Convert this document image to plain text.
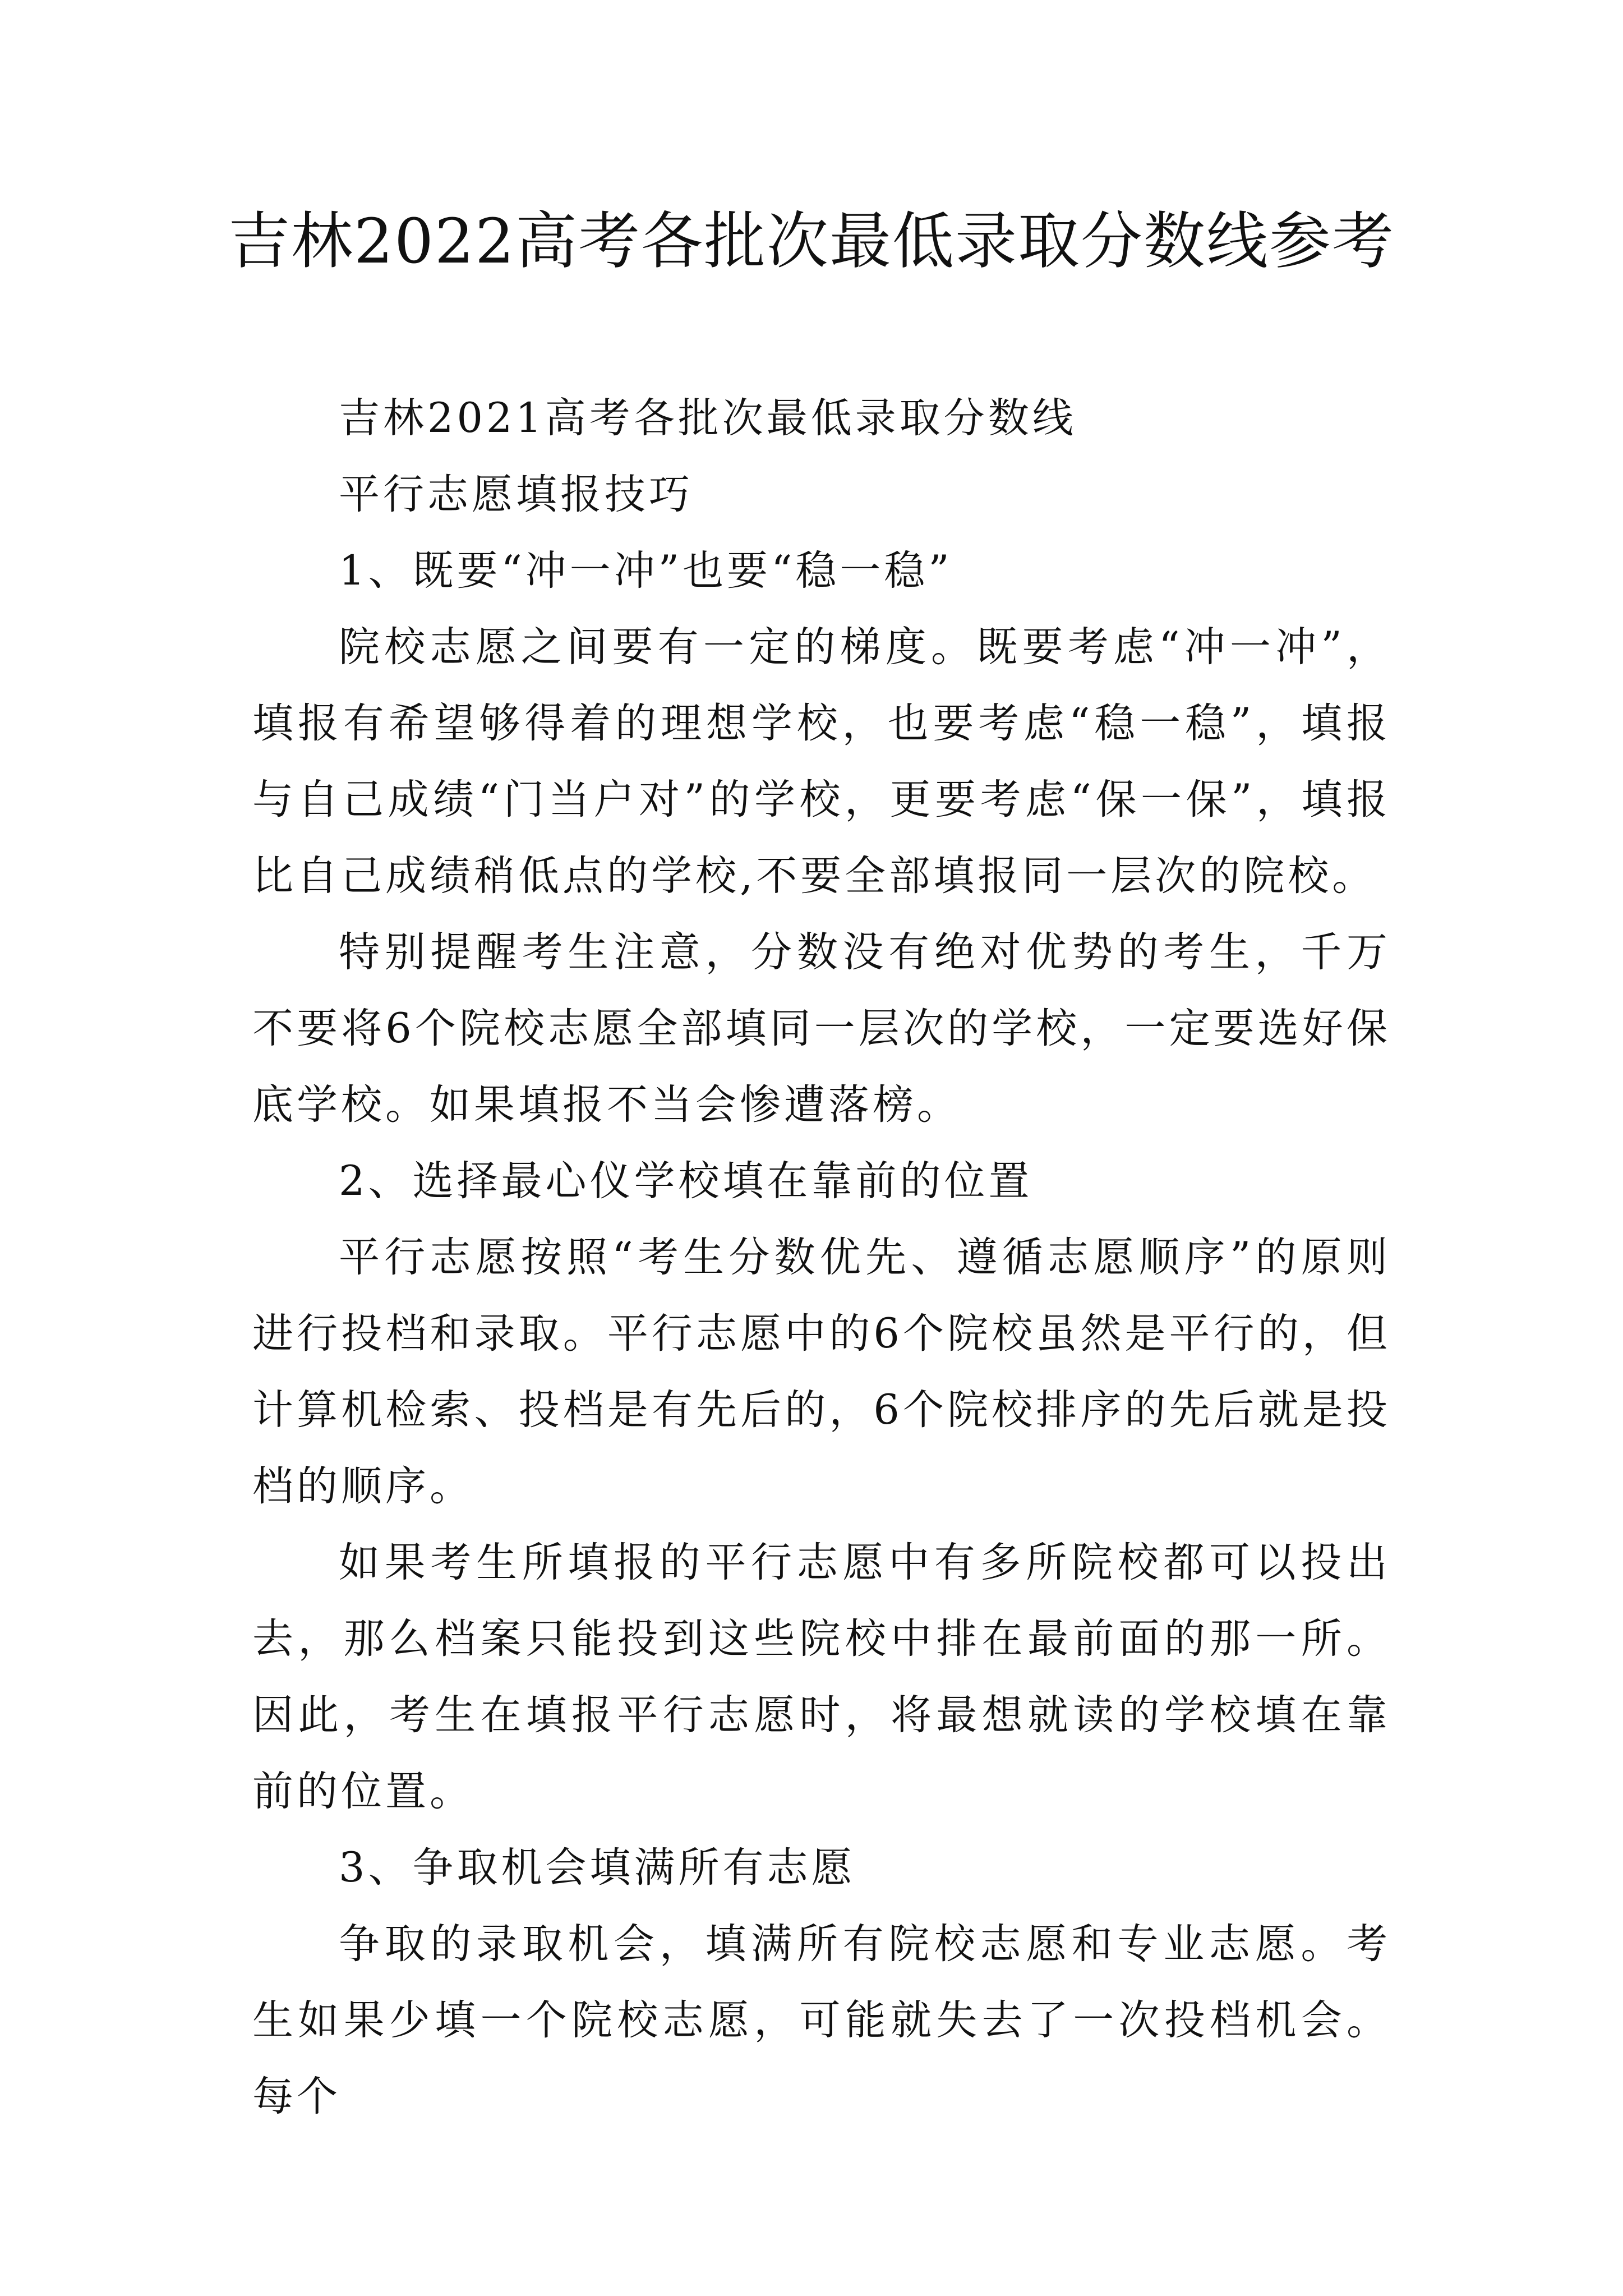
吉林2022高考各批次最低录取分数线参考

吉林2021高考各批次最低录取分数线

平行志愿填报技巧

1、既要“冲一冲”也要“稳一稳”

院校志愿之间要有一定的梯度。既要考虑“冲一冲”，填报有希望够得着的理想学校，也要考虑“稳一稳”，填报与自己成绩“门当户对”的学校，更要考虑“保一保”，填报比自己成绩稍低点的学校,不要全部填报同一层次的院校。

特别提醒考生注意，分数没有绝对优势的考生，千万不要将6个院校志愿全部填同一层次的学校，一定要选好保底学校。如果填报不当会惨遭落榜。

2、选择最心仪学校填在靠前的位置

平行志愿按照“考生分数优先、遵循志愿顺序”的原则进行投档和录取。平行志愿中的6个院校虽然是平行的，但计算机检索、投档是有先后的，6个院校排序的先后就是投档的顺序。

如果考生所填报的平行志愿中有多所院校都可以投出去，那么档案只能投到这些院校中排在最前面的那一所。因此，考生在填报平行志愿时，将最想就读的学校填在靠前的位置。

3、争取机会填满所有志愿

争取的录取机会，填满所有院校志愿和专业志愿。考生如果少填一个院校志愿，可能就失去了一次投档机会。每个
